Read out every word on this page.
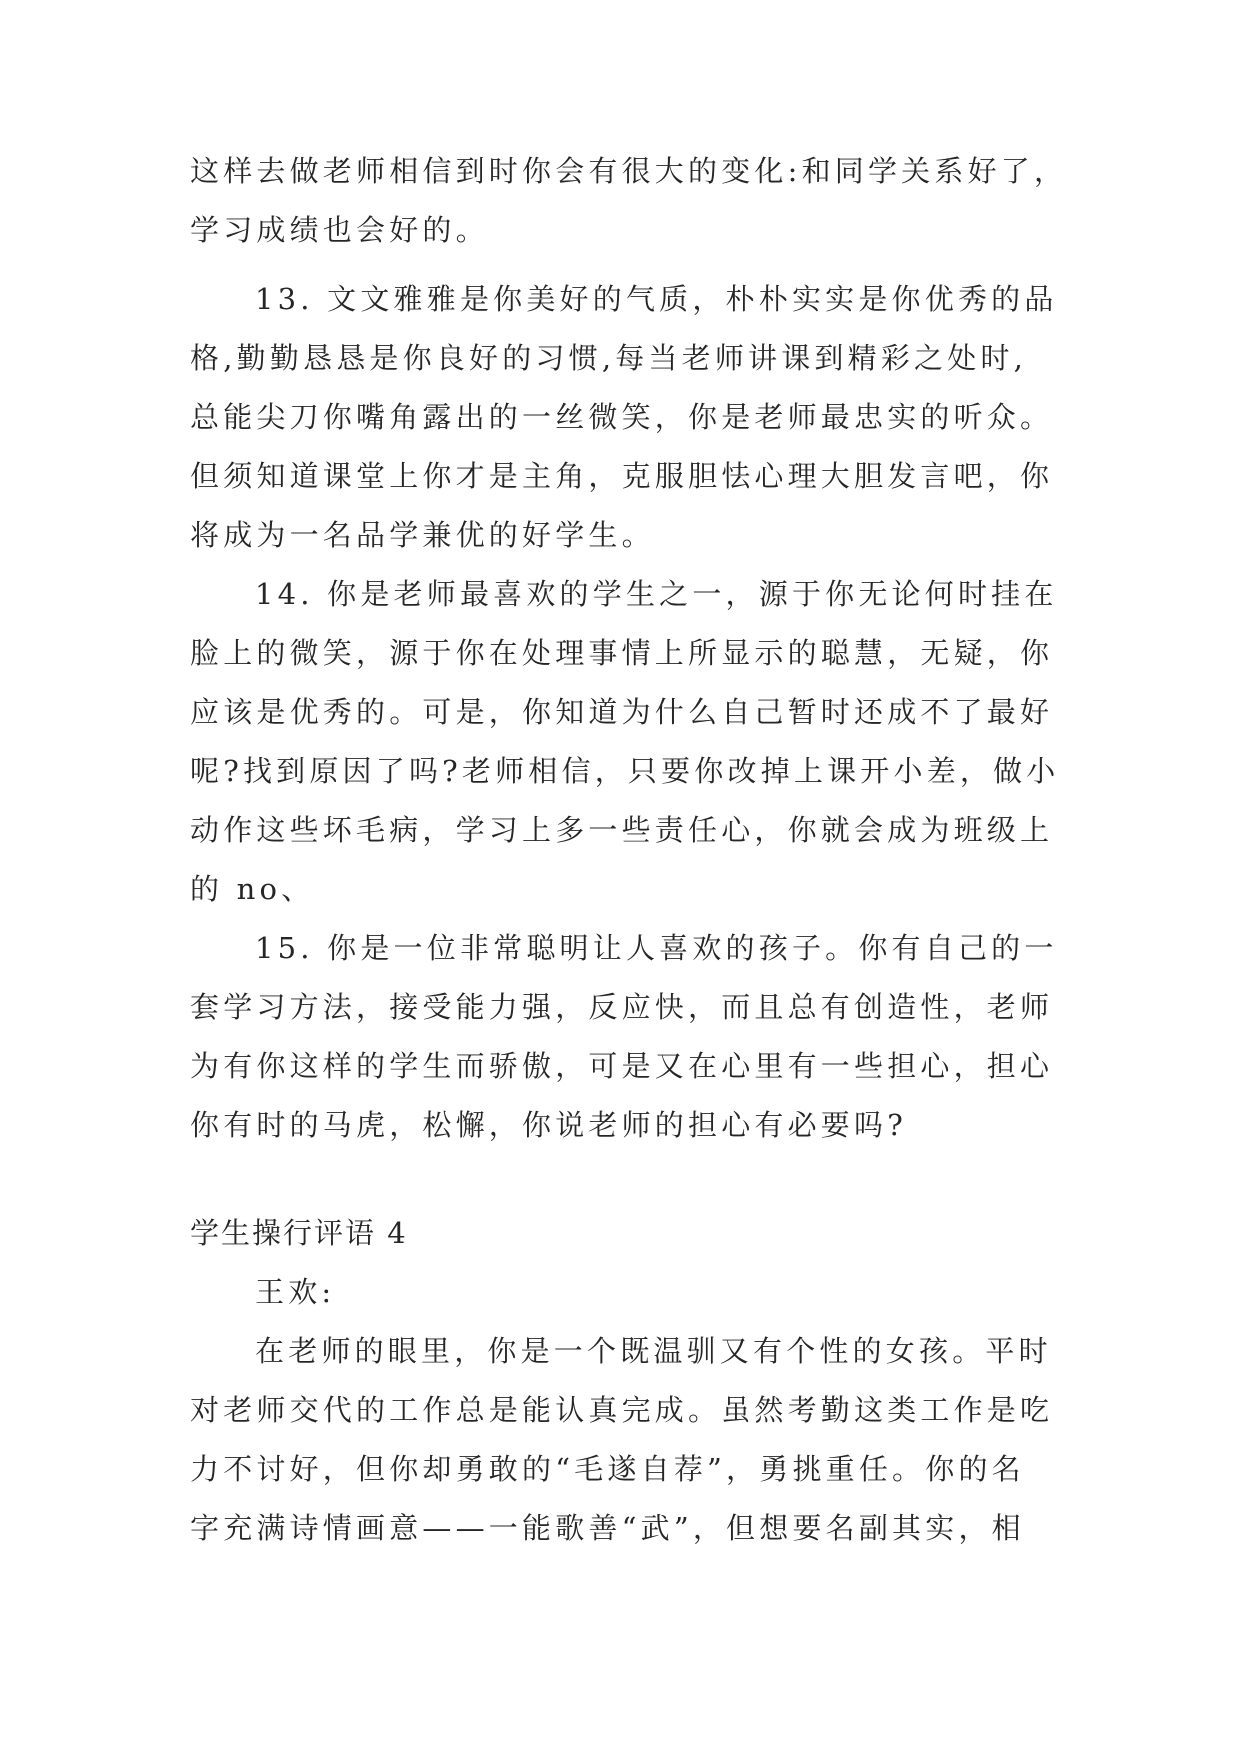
这样去做老师相信到时你会有很大的变化:和同学关系好了，
学习成绩也会好的。
13. 文文雅雅是你美好的气质，朴朴实实是你优秀的品
格,勤勤恳恳是你良好的习惯,每当老师讲课到精彩之处时,
总能尖刀你嘴角露出的一丝微笑，你是老师最忠实的听众。
但须知道课堂上你才是主角，克服胆怯心理大胆发言吧，你
将成为一名品学兼优的好学生。
14. 你是老师最喜欢的学生之一，源于你无论何时挂在
脸上的微笑，源于你在处理事情上所显示的聪慧，无疑，你
应该是优秀的。可是，你知道为什么自己暂时还成不了最好
呢?找到原因了吗?老师相信，只要你改掉上课开小差，做小
动作这些坏毛病，学习上多一些责任心，你就会成为班级上
的 no、
15. 你是一位非常聪明让人喜欢的孩子。你有自己的一
套学习方法，接受能力强，反应快，而且总有创造性，老师
为有你这样的学生而骄傲，可是又在心里有一些担心，担心
你有时的马虎，松懈，你说老师的担心有必要吗?
学生操行评语 4
王欢:
在老师的眼里，你是一个既温驯又有个性的女孩。平时
对老师交代的工作总是能认真完成。虽然考勤这类工作是吃
力不讨好，但你却勇敢的“毛遂自荐”，勇挑重任。你的名
字充满诗情画意——一能歌善“武”，但想要名副其实，相
